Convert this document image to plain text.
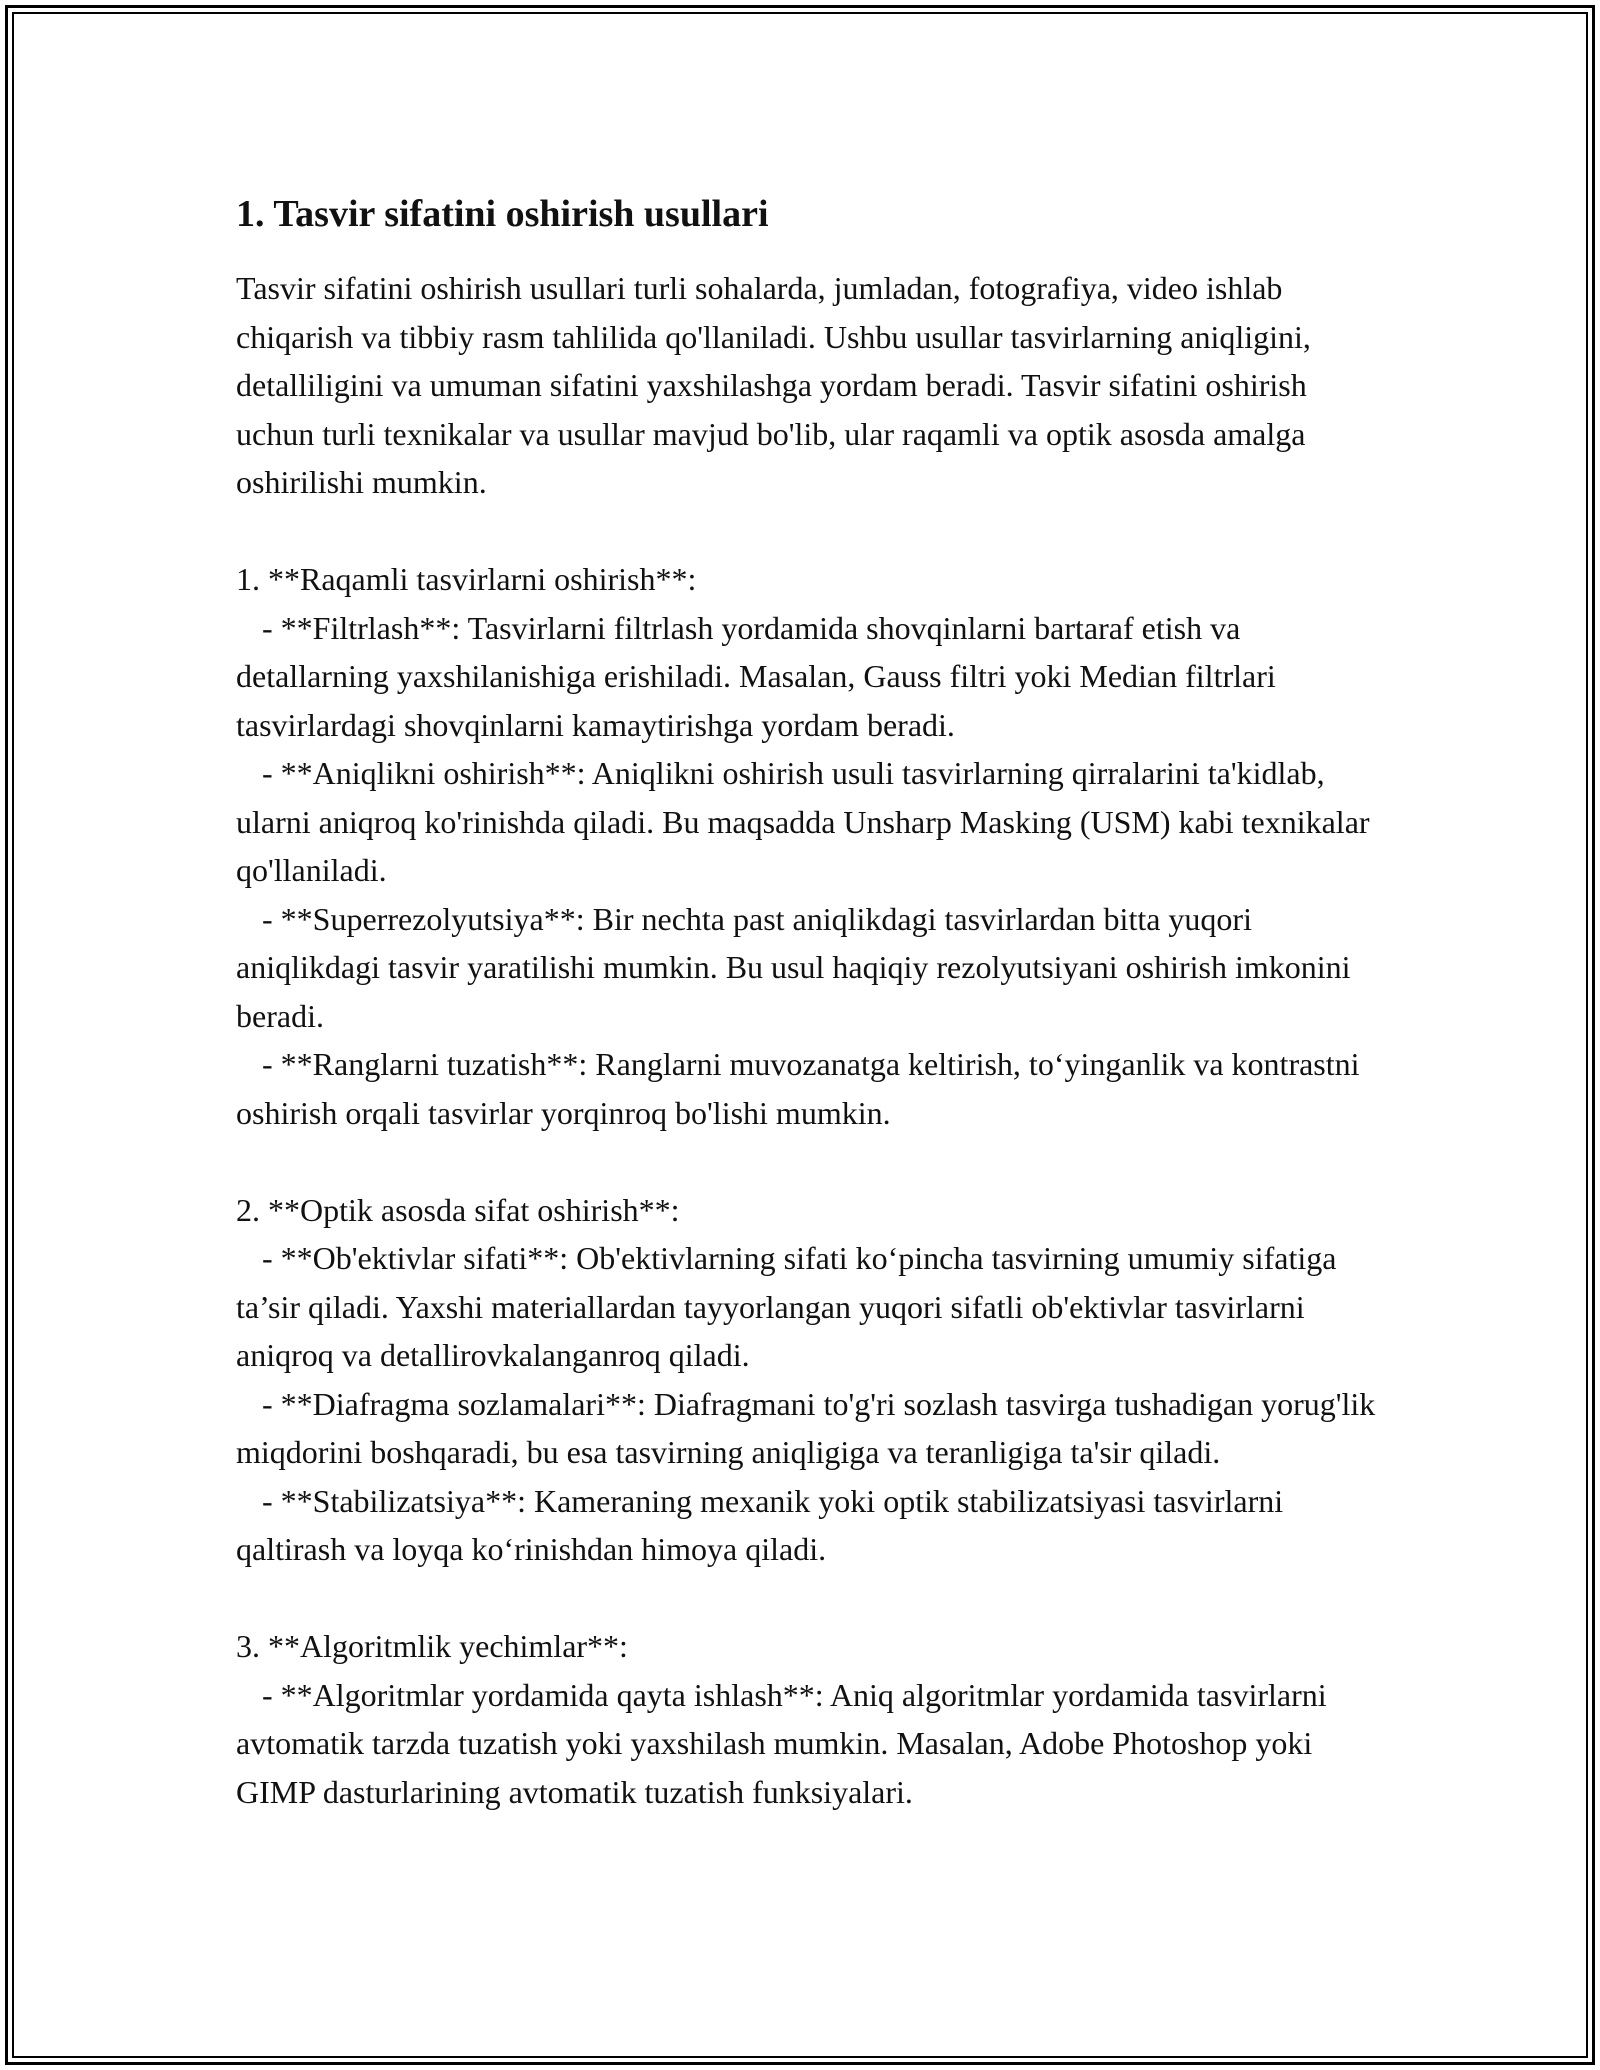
1. Tasvir sifatini oshirish usullari

Tasvir sifatini oshirish usullari turli sohalarda, jumladan, fotografiya, video ishlab chiqarish va tibbiy rasm tahlilida qo'llaniladi. Ushbu usullar tasvirlarning aniqligini, detalliligini va umuman sifatini yaxshilashga yordam beradi. Tasvir sifatini oshirish uchun turli texnikalar va usullar mavjud bo'lib, ular raqamli va optik asosda amalga oshirilishi mumkin.

1. **Raqamli tasvirlarni oshirish**:

- **Filtrlash**: Tasvirlarni filtrlash yordamida shovqinlarni bartaraf etish va detallarning yaxshilanishiga erishiladi. Masalan, Gauss filtri yoki Median filtrlari tasvirlardagi shovqinlarni kamaytirishga yordam beradi.

- **Aniqlikni oshirish**: Aniqlikni oshirish usuli tasvirlarning qirralarini ta'kidlab, ularni aniqroq ko'rinishda qiladi. Bu maqsadda Unsharp Masking (USM) kabi texnikalar qo'llaniladi.

- **Superrezolyutsiya**: Bir nechta past aniqlikdagi tasvirlardan bitta yuqori aniqlikdagi tasvir yaratilishi mumkin. Bu usul haqiqiy rezolyutsiyani oshirish imkonini beradi.

- **Ranglarni tuzatish**: Ranglarni muvozanatga keltirish, to‘yinganlik va kontrastni oshirish orqali tasvirlar yorqinroq bo'lishi mumkin.

2. **Optik asosda sifat oshirish**:

- **Ob'ektivlar sifati**: Ob'ektivlarning sifati ko‘pincha tasvirning umumiy sifatiga ta’sir qiladi. Yaxshi materiallardan tayyorlangan yuqori sifatli ob'ektivlar tasvirlarni aniqroq va detallirovkalanganroq qiladi.

- **Diafragma sozlamalari**: Diafragmani to'g'ri sozlash tasvirga tushadigan yorug'lik miqdorini boshqaradi, bu esa tasvirning aniqligiga va teranligiga ta'sir qiladi.

- **Stabilizatsiya**: Kameraning mexanik yoki optik stabilizatsiyasi tasvirlarni qaltirash va loyqa ko‘rinishdan himoya qiladi.

3. **Algoritmlik yechimlar**:

- **Algoritmlar yordamida qayta ishlash**: Aniq algoritmlar yordamida tasvirlarni avtomatik tarzda tuzatish yoki yaxshilash mumkin. Masalan, Adobe Photoshop yoki GIMP dasturlarining avtomatik tuzatish funksiyalari.
